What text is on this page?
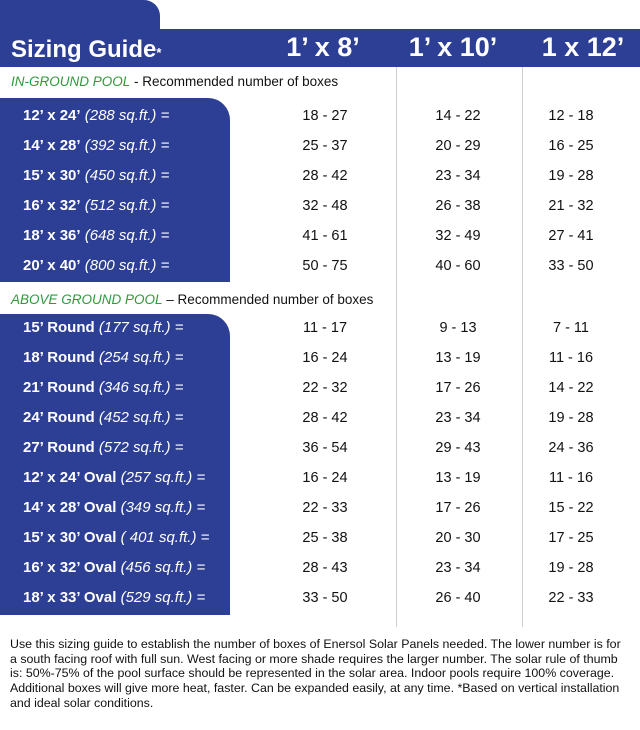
Sizing Guide*	1’ x 8’	1’ x 10’	1 x 12’
IN-GROUND POOL - Recommended number of boxes
12’ x 24’ (288 sq.ft.) =	18 - 27	14 - 22	12 - 18
14’ x 28’ (392 sq.ft.) =	25 - 37	20 - 29	16 - 25
15’ x 30’ (450 sq.ft.) =	28 - 42	23 - 34	19 - 28
16’ x 32’ (512 sq.ft.) =	32 - 48	26 - 38	21 - 32
18’ x 36’ (648 sq.ft.) =	41 - 61	32 - 49	27 - 41
20’ x 40’ (800 sq.ft.) =	50 - 75	40 - 60	33 - 50
ABOVE GROUND POOL – Recommended number of boxes
15’ Round (177 sq.ft.) =	11 - 17	9 - 13	7 - 11
18’ Round (254 sq.ft.) =	16 - 24	13 - 19	11 - 16
21’ Round (346 sq.ft.) =	22 - 32	17 - 26	14 - 22
24’ Round (452 sq.ft.) =	28 - 42	23 - 34	19 - 28
27’ Round (572 sq.ft.) =	36 - 54	29 - 43	24 - 36
12’ x 24’ Oval (257 sq.ft.) =	16 - 24	13 - 19	11 - 16
14’ x 28’ Oval (349 sq.ft.) =	22 - 33	17 - 26	15 - 22
15’ x 30’ Oval ( 401 sq.ft.) =	25 - 38	20 - 30	17 - 25
16’ x 32’ Oval (456 sq.ft.) =	28 - 43	23 - 34	19 - 28
18’ x 33’ Oval (529 sq.ft.) =	33 - 50	26 - 40	22 - 33
Use this sizing guide to establish the number of boxes of Enersol Solar Panels needed. The lower number is for a south facing roof with full sun. West facing or more shade requires the larger number. The solar rule of thumb is: 50%-75% of the pool surface should be represented in the solar area. Indoor pools require 100% coverage. Additional boxes will give more heat, faster. Can be expanded easily, at any time. *Based on vertical installation and ideal solar conditions.
